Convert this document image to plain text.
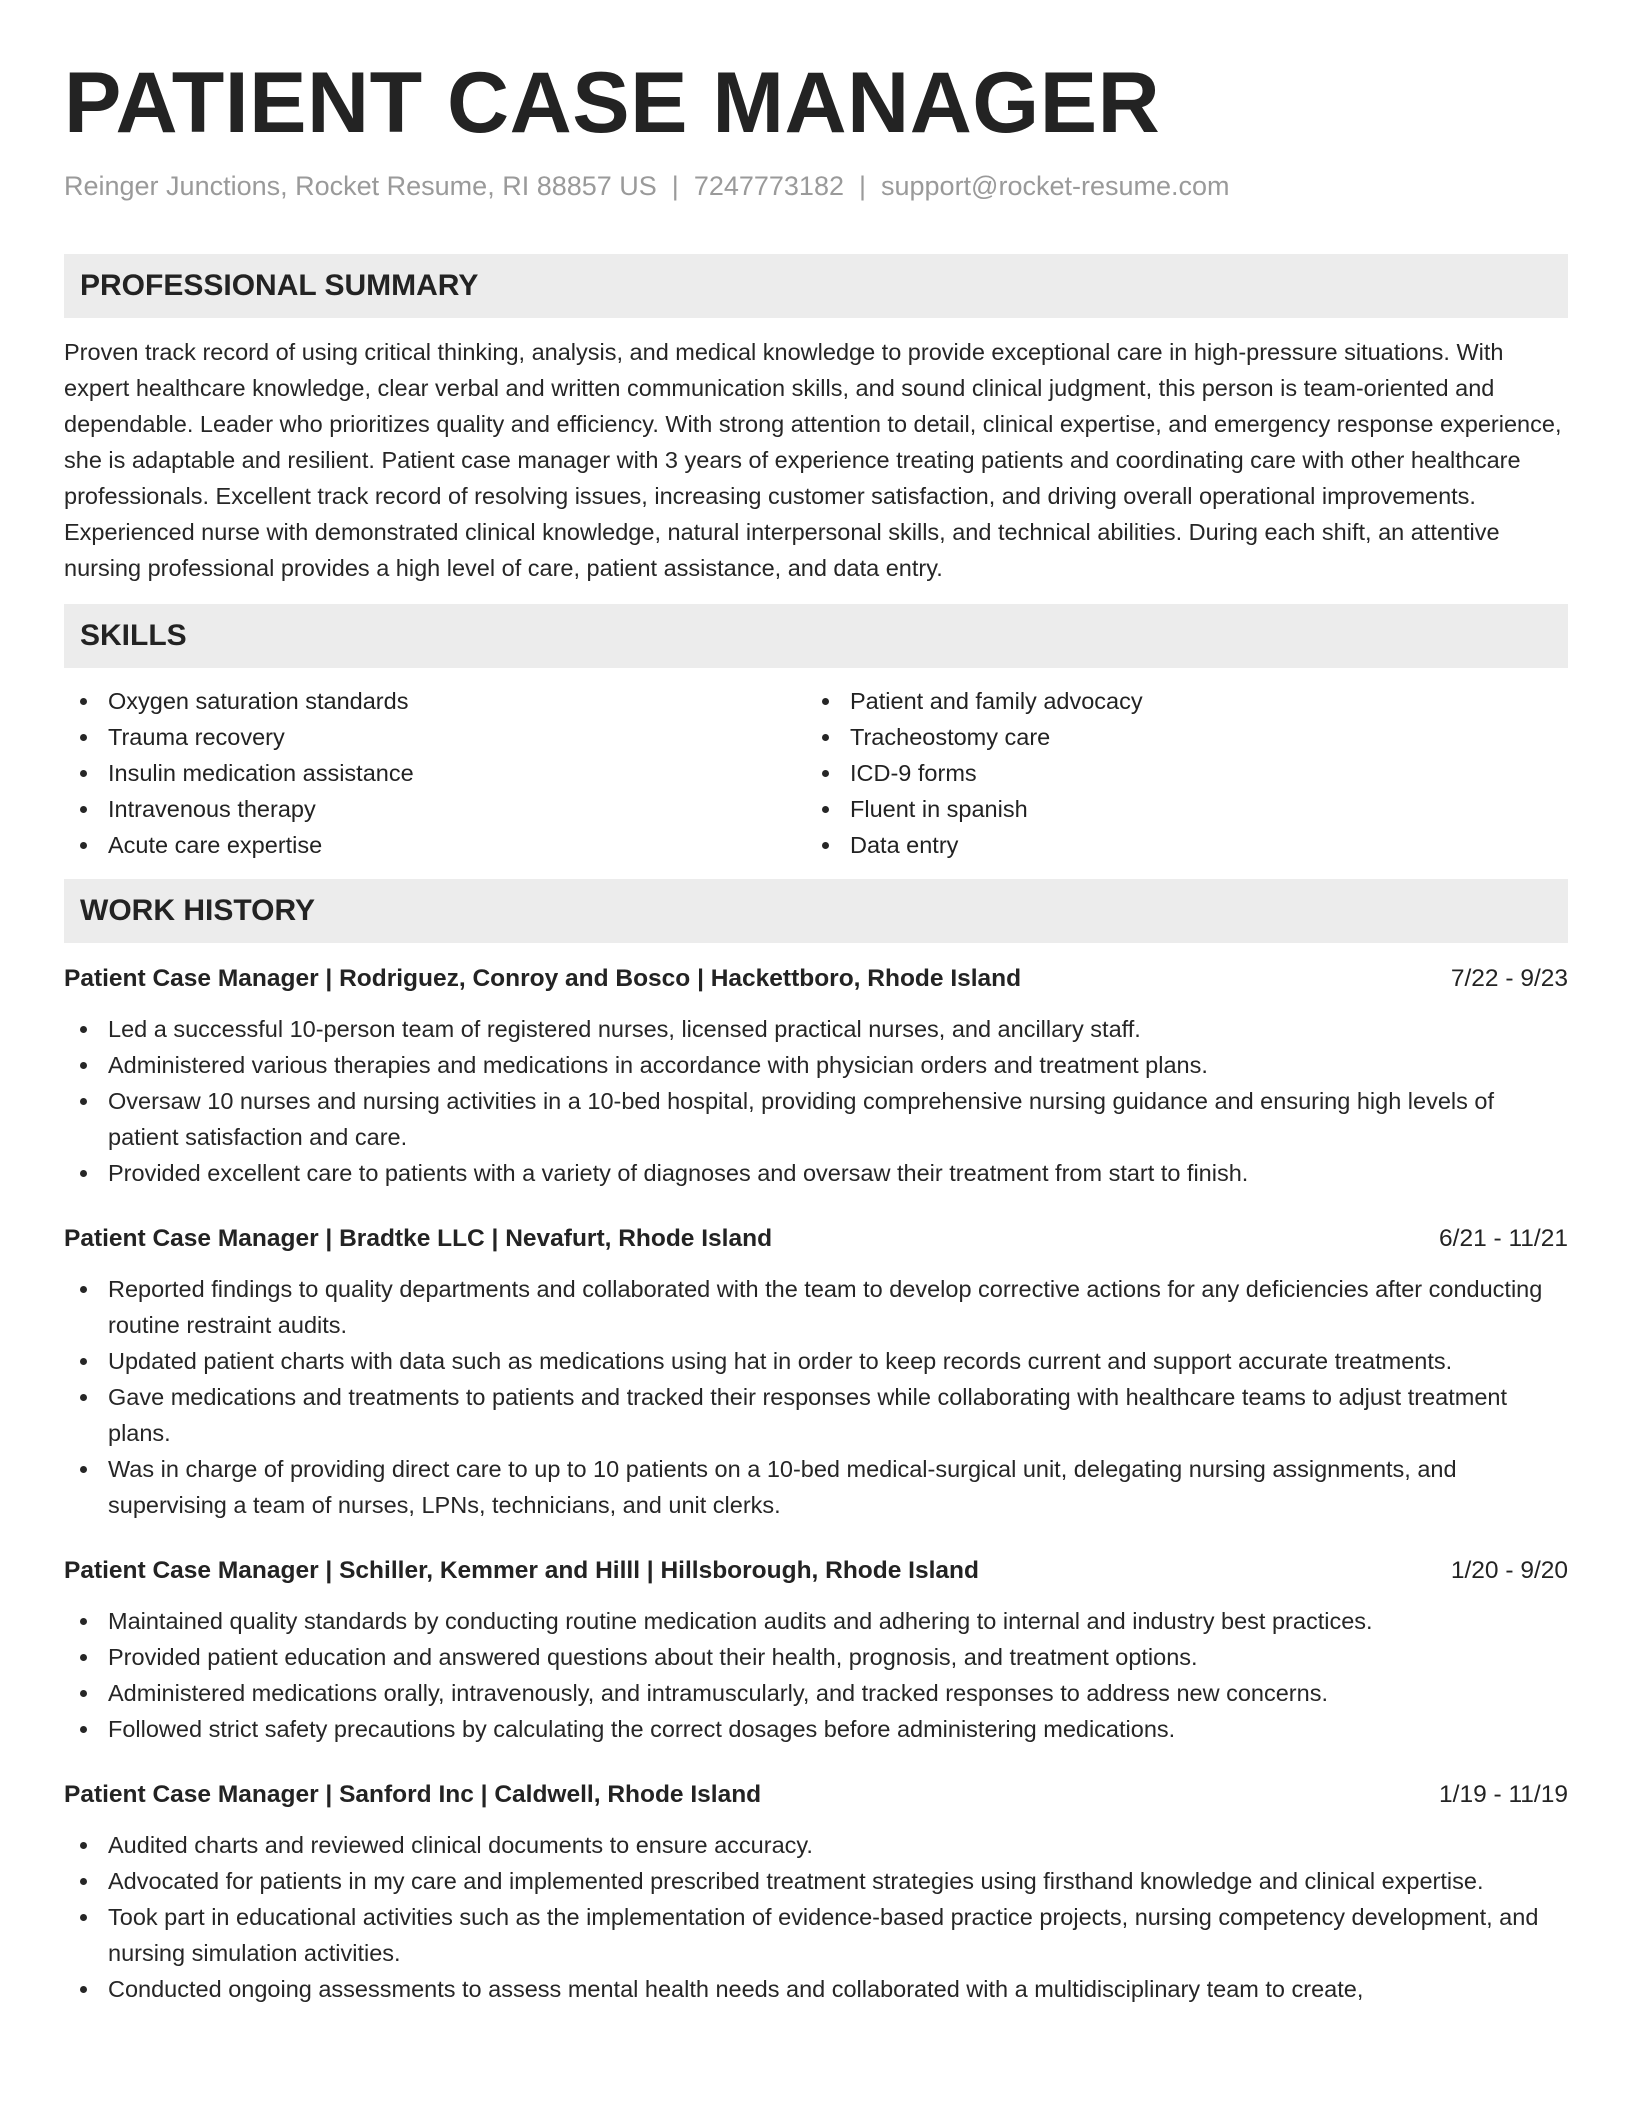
PATIENT CASE MANAGER
Reinger Junctions, Rocket Resume, RI 88857 US | 7247773182 | support@rocket-resume.com
PROFESSIONAL SUMMARY
Proven track record of using critical thinking, analysis, and medical knowledge to provide exceptional care in high-pressure situations. With expert healthcare knowledge, clear verbal and written communication skills, and sound clinical judgment, this person is team-oriented and dependable. Leader who prioritizes quality and efficiency. With strong attention to detail, clinical expertise, and emergency response experience, she is adaptable and resilient. Patient case manager with 3 years of experience treating patients and coordinating care with other healthcare professionals. Excellent track record of resolving issues, increasing customer satisfaction, and driving overall operational improvements. Experienced nurse with demonstrated clinical knowledge, natural interpersonal skills, and technical abilities. During each shift, an attentive nursing professional provides a high level of care, patient assistance, and data entry.
SKILLS
Oxygen saturation standards
Trauma recovery
Insulin medication assistance
Intravenous therapy
Acute care expertise
Patient and family advocacy
Tracheostomy care
ICD-9 forms
Fluent in spanish
Data entry
WORK HISTORY
Patient Case Manager | Rodriguez, Conroy and Bosco | Hackettboro, Rhode Island	7/22 - 9/23
Led a successful 10-person team of registered nurses, licensed practical nurses, and ancillary staff.
Administered various therapies and medications in accordance with physician orders and treatment plans.
Oversaw 10 nurses and nursing activities in a 10-bed hospital, providing comprehensive nursing guidance and ensuring high levels of patient satisfaction and care.
Provided excellent care to patients with a variety of diagnoses and oversaw their treatment from start to finish.
Patient Case Manager | Bradtke LLC | Nevafurt, Rhode Island	6/21 - 11/21
Reported findings to quality departments and collaborated with the team to develop corrective actions for any deficiencies after conducting routine restraint audits.
Updated patient charts with data such as medications using hat in order to keep records current and support accurate treatments.
Gave medications and treatments to patients and tracked their responses while collaborating with healthcare teams to adjust treatment plans.
Was in charge of providing direct care to up to 10 patients on a 10-bed medical-surgical unit, delegating nursing assignments, and supervising a team of nurses, LPNs, technicians, and unit clerks.
Patient Case Manager | Schiller, Kemmer and Hilll | Hillsborough, Rhode Island	1/20 - 9/20
Maintained quality standards by conducting routine medication audits and adhering to internal and industry best practices.
Provided patient education and answered questions about their health, prognosis, and treatment options.
Administered medications orally, intravenously, and intramuscularly, and tracked responses to address new concerns.
Followed strict safety precautions by calculating the correct dosages before administering medications.
Patient Case Manager | Sanford Inc | Caldwell, Rhode Island	1/19 - 11/19
Audited charts and reviewed clinical documents to ensure accuracy.
Advocated for patients in my care and implemented prescribed treatment strategies using firsthand knowledge and clinical expertise.
Took part in educational activities such as the implementation of evidence-based practice projects, nursing competency development, and nursing simulation activities.
Conducted ongoing assessments to assess mental health needs and collaborated with a multidisciplinary team to create,
